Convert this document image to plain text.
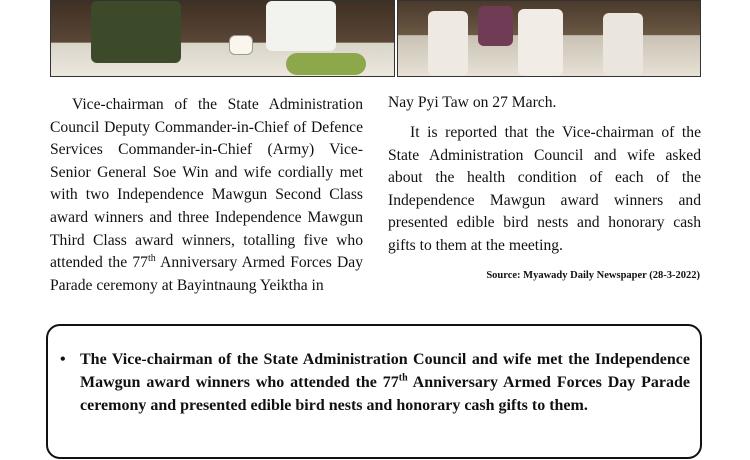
Vice-chairman of the State Administration Council Deputy Commander-in-Chief of Defence Services Commander-in-Chief (Army) Vice-Senior General Soe Win and wife cordially met with two Independence Mawgun Second Class award winners and three Independence Mawgun Third Class award winners, totalling five who attended the 77th Anniversary Armed Forces Day Parade ceremony at Bayintnaung Yeiktha in

Nay Pyi Taw on 27 March.

It is reported that the Vice-chairman of the State Administration Council and wife asked about the health condition of each of the Independence Mawgun award winners and presented edible bird nests and honorary cash gifts to them at the meeting.

Source: Myawady Daily Newspaper (28-3-2022)

• The Vice-chairman of the State Administration Council and wife met the Independence Mawgun award winners who attended the 77th Anniversary Armed Forces Day Parade ceremony and presented edible bird nests and honorary cash gifts to them.
